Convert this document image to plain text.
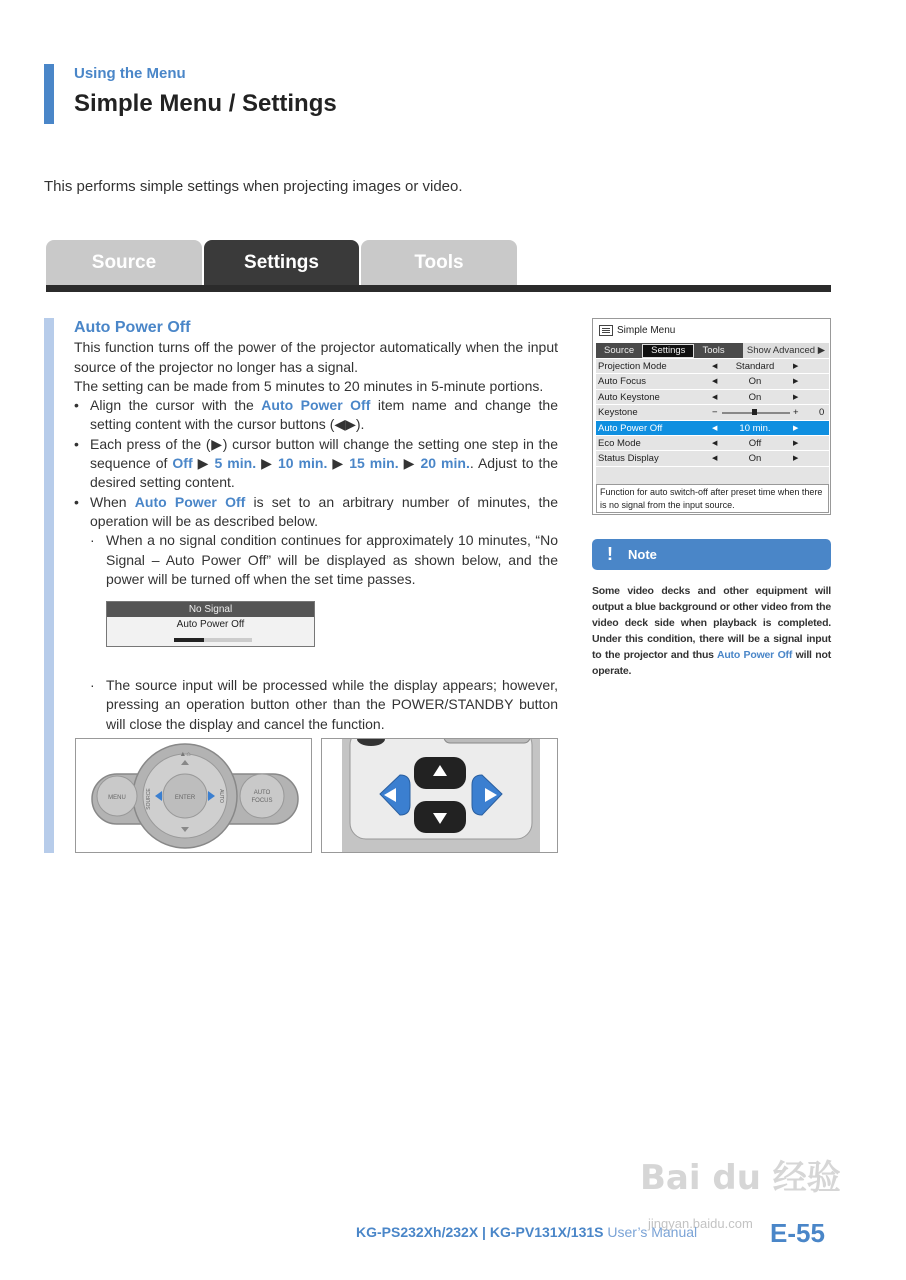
Using the Menu
Simple Menu / Settings
This performs simple settings when projecting images or video.
Source	Settings	Tools
Auto Power Off

This function turns off the power of the projector automatically when the input source of the projector no longer has a signal.

The setting can be made from 5 minutes to 20 minutes in 5-minute portions.

• Align the cursor with the Auto Power Off item name and change the setting content with the cursor buttons (◀▶).
• Each press of the (▶) cursor button will change the setting one step in the sequence of Off ▶ 5 min. ▶ 10 min. ▶ 15 min. ▶ 20 min.. Adjust to the desired setting content.
• When Auto Power Off is set to an arbitrary number of minutes, the operation will be as described below.
· When a no signal condition continues for approximately 10 minutes, “No Signal – Auto Power Off” will be displayed as shown below, and the power will be turned off when the set time passes.
· The source input will be processed while the display appears; however, pressing an operation button other than the POWER/STANDBY button will close the display and cancel the function.
No Signal
Auto Power Off
MENU	ENTER
SOURCE	AUTO	AUTO
FOCUS
▲⌂
Simple Menu
Source	Settings	Tools	Show Advanced ▶
Projection Mode	◀	Standard	▶
Auto Focus	◀	On	▶
Auto Keystone	◀	On	▶
Keystone	−	+ 0
Auto Power Off	◀	10 min.	▶
Eco Mode	◀	Off	▶
Status Display	◀	On	▶
Function for auto switch-off after preset time when there is no signal from the input source.
!	Note
Some video decks and other equipment will output a blue background or other video from the video deck side when playback is completed. Under this condition, there will be a signal input to the projector and thus Auto Power Off will not operate.
Bai du 经验
jingyan.baidu.com
KG-PS232Xh/232X | KG-PV131X/131S User’s Manual	E-55
